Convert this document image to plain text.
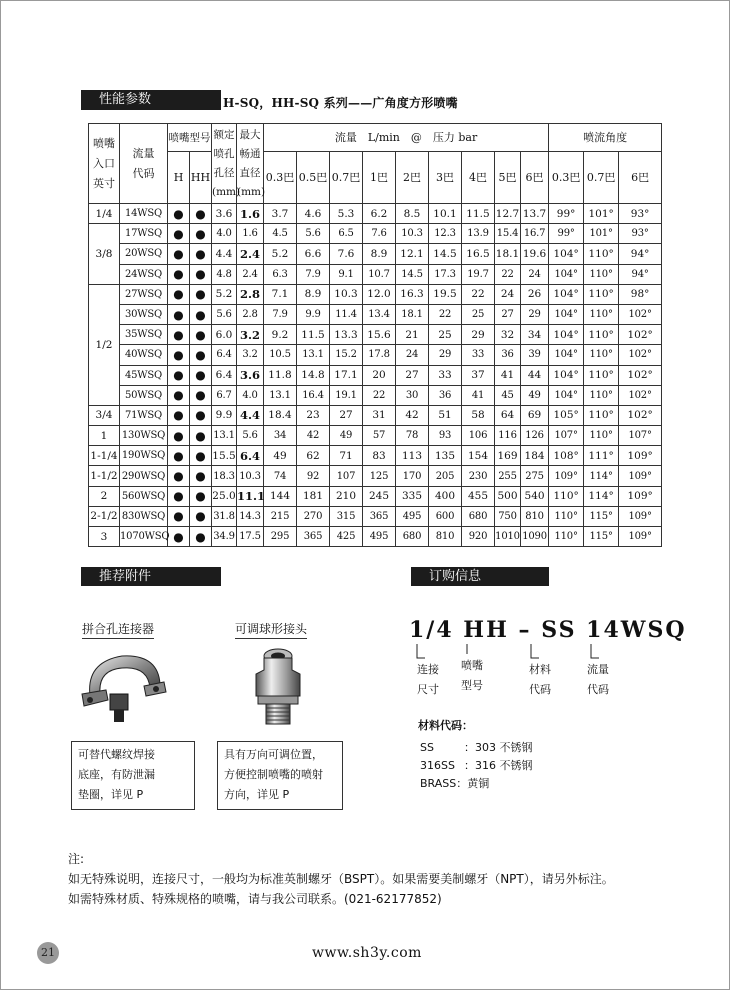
性能参数	H-SQ，HH-SQ 系列——广角度方形喷嘴
喷嘴入口英寸	流量代码	喷嘴型号		额定喷孔孔径(mm)	最大畅通直径(mm)	流量　L/min　@　压力 bar									喷流角度		
		H	HH			0.3巴	0.5巴	0.7巴	1巴	2巴	3巴	4巴	5巴	6巴	0.3巴	0.7巴	6巴
1/4	14WSQ	●	●	3.6	1.6	3.7	4.6	5.3	6.2	8.5	10.1	11.5	12.7	13.7	99°	101°	93°
3/8	17WSQ	●	●	4.0	1.6	4.5	5.6	6.5	7.6	10.3	12.3	13.9	15.4	16.7	99°	101°	93°
	20WSQ	●	●	4.4	2.4	5.2	6.6	7.6	8.9	12.1	14.5	16.5	18.1	19.6	104°	110°	94°
	24WSQ	●	●	4.8	2.4	6.3	7.9	9.1	10.7	14.5	17.3	19.7	22	24	104°	110°	94°
1/2	27WSQ	●	●	5.2	2.8	7.1	8.9	10.3	12.0	16.3	19.5	22	24	26	104°	110°	98°
	30WSQ	●	●	5.6	2.8	7.9	9.9	11.4	13.4	18.1	22	25	27	29	104°	110°	102°
	35WSQ	●	●	6.0	3.2	9.2	11.5	13.3	15.6	21	25	29	32	34	104°	110°	102°
	40WSQ	●	●	6.4	3.2	10.5	13.1	15.2	17.8	24	29	33	36	39	104°	110°	102°
	45WSQ	●	●	6.4	3.6	11.8	14.8	17.1	20	27	33	37	41	44	104°	110°	102°
	50WSQ	●	●	6.7	4.0	13.1	16.4	19.1	22	30	36	41	45	49	104°	110°	102°
3/4	71WSQ	●	●	9.9	4.4	18.4	23	27	31	42	51	58	64	69	105°	110°	102°
1	130WSQ	●	●	13.1	5.6	34	42	49	57	78	93	106	116	126	107°	110°	107°
1-1/4	190WSQ	●	●	15.5	6.4	49	62	71	83	113	135	154	169	184	108°	111°	109°
1-1/2	290WSQ	●	●	18.3	10.3	74	92	107	125	170	205	230	255	275	109°	114°	109°
2	560WSQ	●	●	25.0	11.1	144	181	210	245	335	400	455	500	540	110°	114°	109°
2-1/2	830WSQ	●	●	31.8	14.3	215	270	315	365	495	600	680	750	810	110°	115°	109°
3	1070WSQ	●	●	34.9	17.5	295	365	425	495	680	810	920	1010	1090	110°	115°	109°
推荐附件
拼合孔连接器	可调球形接头
可替代螺纹焊接
底座，有防泄漏
垫圈，详见 P
具有万向可调位置，
方便控制喷嘴的喷射
方向，详见 P
订购信息
1/4 HH – SS 14WSQ
连接
尺寸
喷嘴
型号
材料
代码
流量
代码
材料代码：
SS	：303 不锈钢
316SS ：316 不锈钢
BRASS：黄铜
注:
如无特殊说明，连接尺寸，一般均为标准英制螺牙（BSPT）。如果需要美制螺牙（NPT），请另外标注。
如需特殊材质、特殊规格的喷嘴，请与我公司联系。(021-62177852)
21	www.sh3y.com
